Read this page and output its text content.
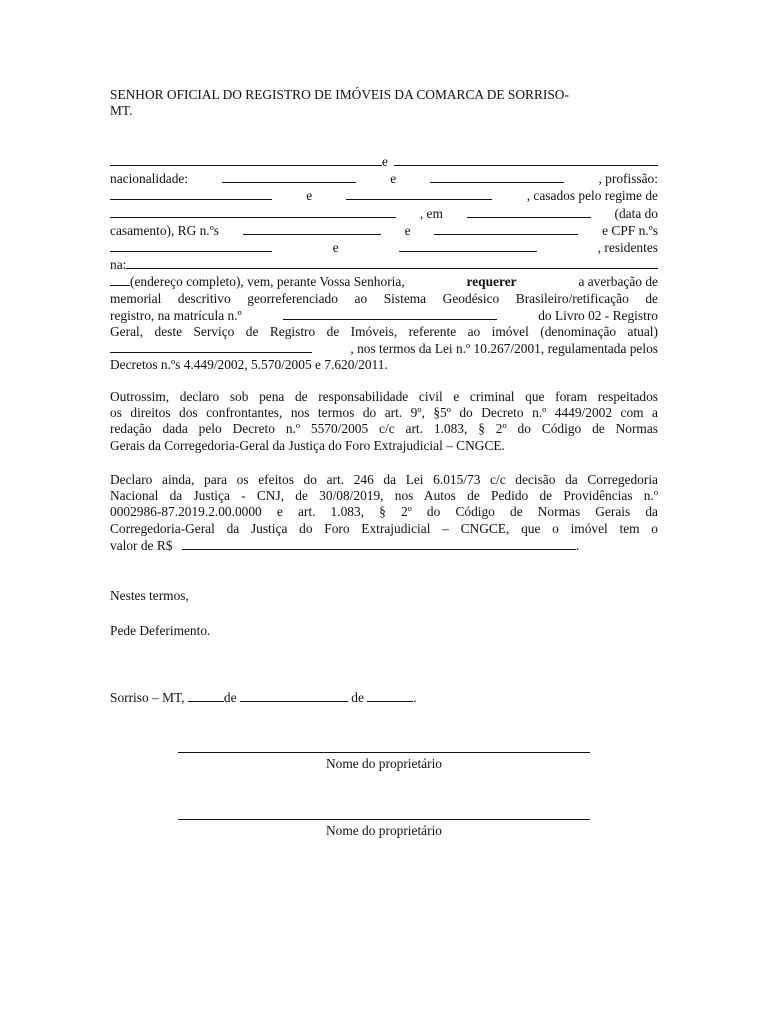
SENHOR OFICIAL DO REGISTRO DE IMÓVEIS DA COMARCA DE SORRISO-
MT.
e
nacionalidade:	e	, profissão:
e	, casados pelo regime de
, em	(data do
casamento), RG n.ºs	e	e CPF n.ºs
e	, residentes
na:
(endereço completo), vem, perante Vossa Senhoria,	requerer	a averbação de
memorial descritivo georreferenciado ao Sistema Geodésico Brasileiro/retificação de
registro, na matrícula n.º	do Livro 02 - Registro
Geral, deste Serviço de Registro de Imóveis, referente ao imóvel (denominação atual)
, nos termos da Lei n.º 10.267/2001, regulamentada pelos
Decretos n.ºs 4.449/2002, 5.570/2005 e 7.620/2011.
Outrossim, declaro sob pena de responsabilidade civil e criminal que foram respeitados
os direitos dos confrontantes, nos termos do art. 9º, §5º do Decreto n.º 4449/2002 com a
redação dada pelo Decreto n.º 5570/2005 c/c art. 1.083, § 2º do Código de Normas
Gerais da Corregedoria-Geral da Justiça do Foro Extrajudicial – CNGCE.
Declaro ainda, para os efeitos do art. 246 da Lei 6.015/73 c/c decisão da Corregedoria
Nacional da Justiça - CNJ, de 30/08/2019, nos Autos de Pedido de Providências n.º
0002986-87.2019.2.00.0000 e art. 1.083, § 2º do Código de Normas Gerais da
Corregedoria-Geral da Justiça do Foro Extrajudicial – CNGCE, que o imóvel tem o
valor de R$	.
Nestes termos,
Pede Deferimento.
Sorriso – MT,	de	de	.
Nome do proprietário
Nome do proprietário
